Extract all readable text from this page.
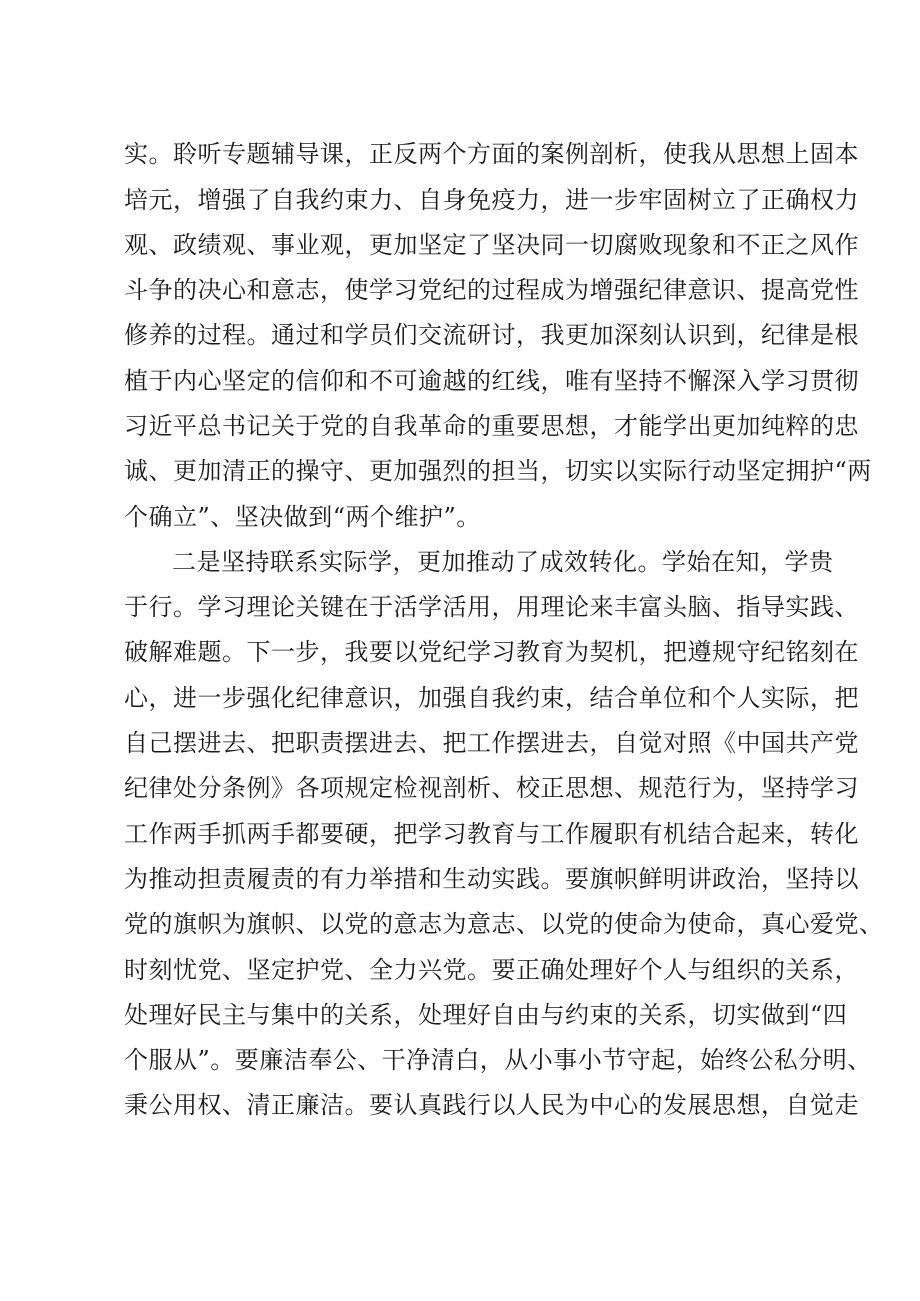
实。聆听专题辅导课，正反两个方面的案例剖析，使我从思想上固本
培元，增强了自我约束力、自身免疫力，进一步牢固树立了正确权力
观、政绩观、事业观，更加坚定了坚决同一切腐败现象和不正之风作
斗争的决心和意志，使学习党纪的过程成为增强纪律意识、提高党性
修养的过程。通过和学员们交流研讨，我更加深刻认识到，纪律是根
植于内心坚定的信仰和不可逾越的红线，唯有坚持不懈深入学习贯彻
习近平总书记关于党的自我革命的重要思想，才能学出更加纯粹的忠
诚、更加清正的操守、更加强烈的担当，切实以实际行动坚定拥护“两
个确立”、坚决做到“两个维护”。
二是坚持联系实际学，更加推动了成效转化。学始在知，学贵
于行。学习理论关键在于活学活用，用理论来丰富头脑、指导实践、
破解难题。下一步，我要以党纪学习教育为契机，把遵规守纪铭刻在
心，进一步强化纪律意识，加强自我约束，结合单位和个人实际，把
自己摆进去、把职责摆进去、把工作摆进去，自觉对照《中国共产党
纪律处分条例》各项规定检视剖析、校正思想、规范行为，坚持学习
工作两手抓两手都要硬，把学习教育与工作履职有机结合起来，转化
为推动担责履责的有力举措和生动实践。要旗帜鲜明讲政治，坚持以
党的旗帜为旗帜、以党的意志为意志、以党的使命为使命，真心爱党、
时刻忧党、坚定护党、全力兴党。要正确处理好个人与组织的关系，
处理好民主与集中的关系，处理好自由与约束的关系，切实做到“四
个服从”。要廉洁奉公、干净清白，从小事小节守起，始终公私分明、
秉公用权、清正廉洁。要认真践行以人民为中心的发展思想，自觉走
